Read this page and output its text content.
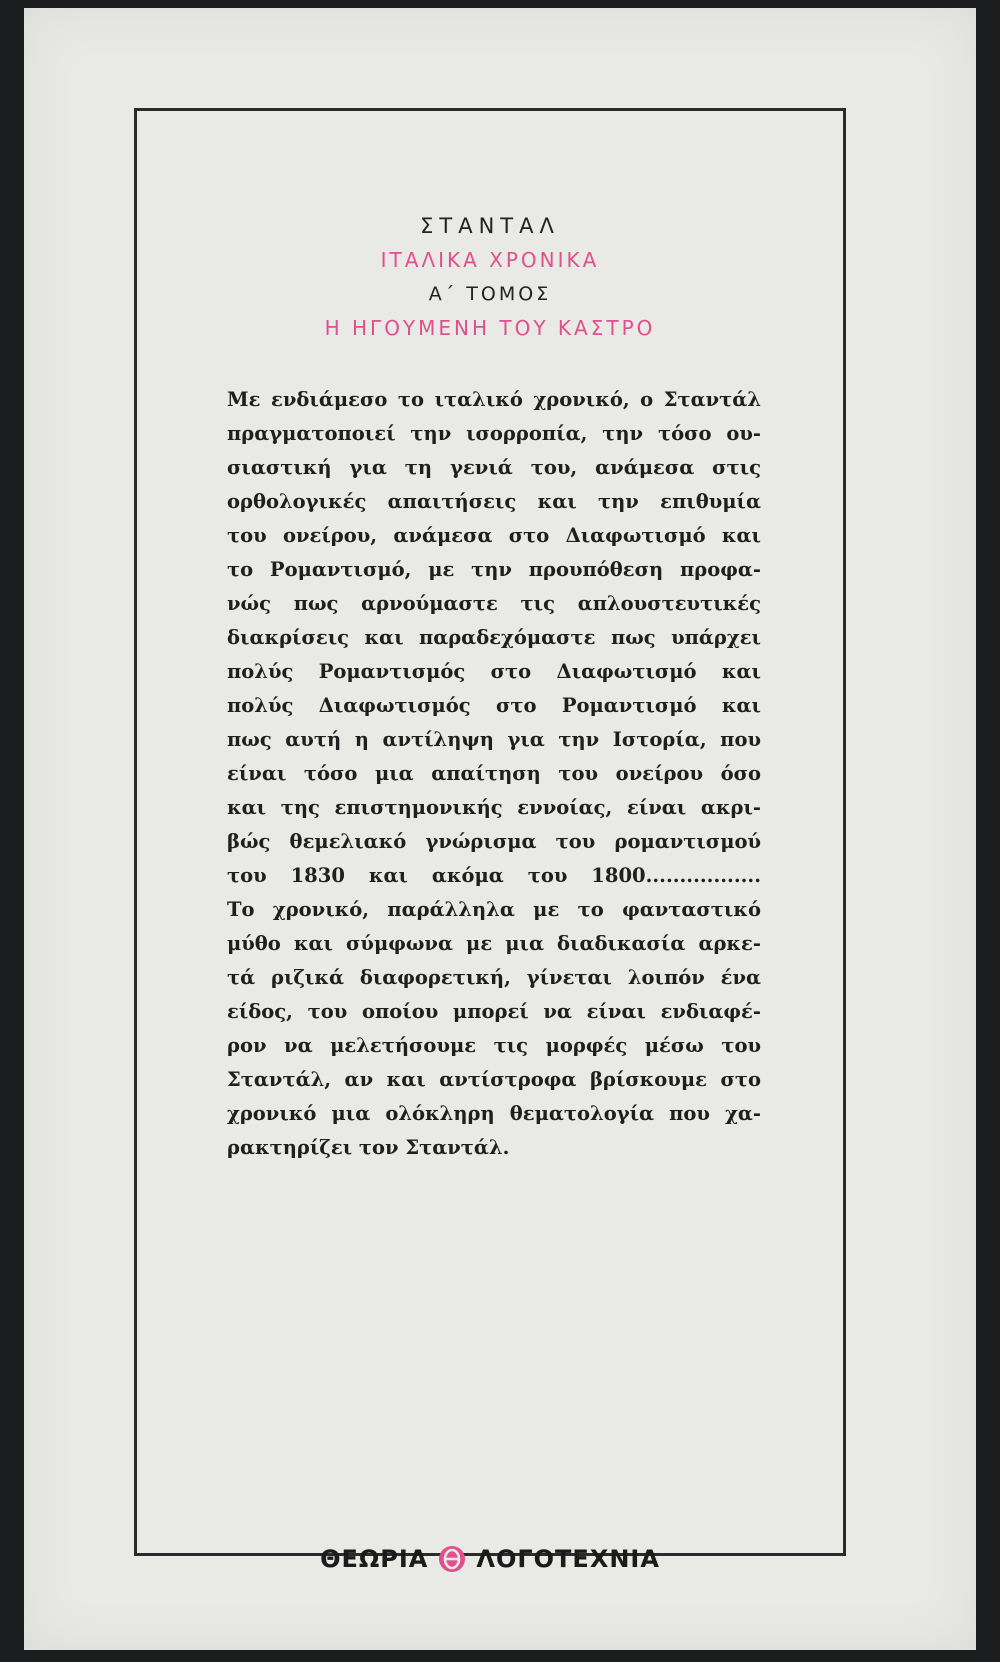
ΣΤΑΝΤΑΛ
ΙΤΑΛΙΚΑ ΧΡΟΝΙΚΑ
Α΄ ΤΟΜΟΣ
Η ΗΓΟΥΜΕΝΗ ΤΟΥ ΚΑΣΤΡΟ
Με ενδιάμεσο το ιταλικό χρονικό, ο Σταντάλ
πραγματοποιεί την ισορροπία, την τόσο ου-
σιαστική για τη γενιά του, ανάμεσα στις
ορθολογικές απαιτήσεις και την επιθυμία
του ονείρου, ανάμεσα στο Διαφωτισμό και
το Ρομαντισμό, με την προυπόθεση προφα-
νώς πως αρνούμαστε τις απλουστευτικές
διακρίσεις και παραδεχόμαστε πως υπάρχει
πολύς Ρομαντισμός στο Διαφωτισμό και
πολύς Διαφωτισμός στο Ρομαντισμό και
πως αυτή η αντίληψη για την Ιστορία, που
είναι τόσο μια απαίτηση του ονείρου όσο
και της επιστημονικής εννοίας, είναι ακρι-
βώς θεμελιακό γνώρισμα του ρομαντισμού
του 1830 και ακόμα του 1800.................
Το χρονικό, παράλληλα με το φανταστικό
μύθο και σύμφωνα με μια διαδικασία αρκε-
τά ριζικά διαφορετική, γίνεται λοιπόν ένα
είδος, του οποίου μπορεί να είναι ενδιαφέ-
ρον να μελετήσουμε τις μορφές μέσω του
Σταντάλ, αν και αντίστροφα βρίσκουμε στο
χρονικό μια ολόκληρη θεματολογία που χα-
ρακτηρίζει τον Σταντάλ.
ΘΕΩΡΙΑ ΛΟΓΟΤΕΧΝΙΑ
